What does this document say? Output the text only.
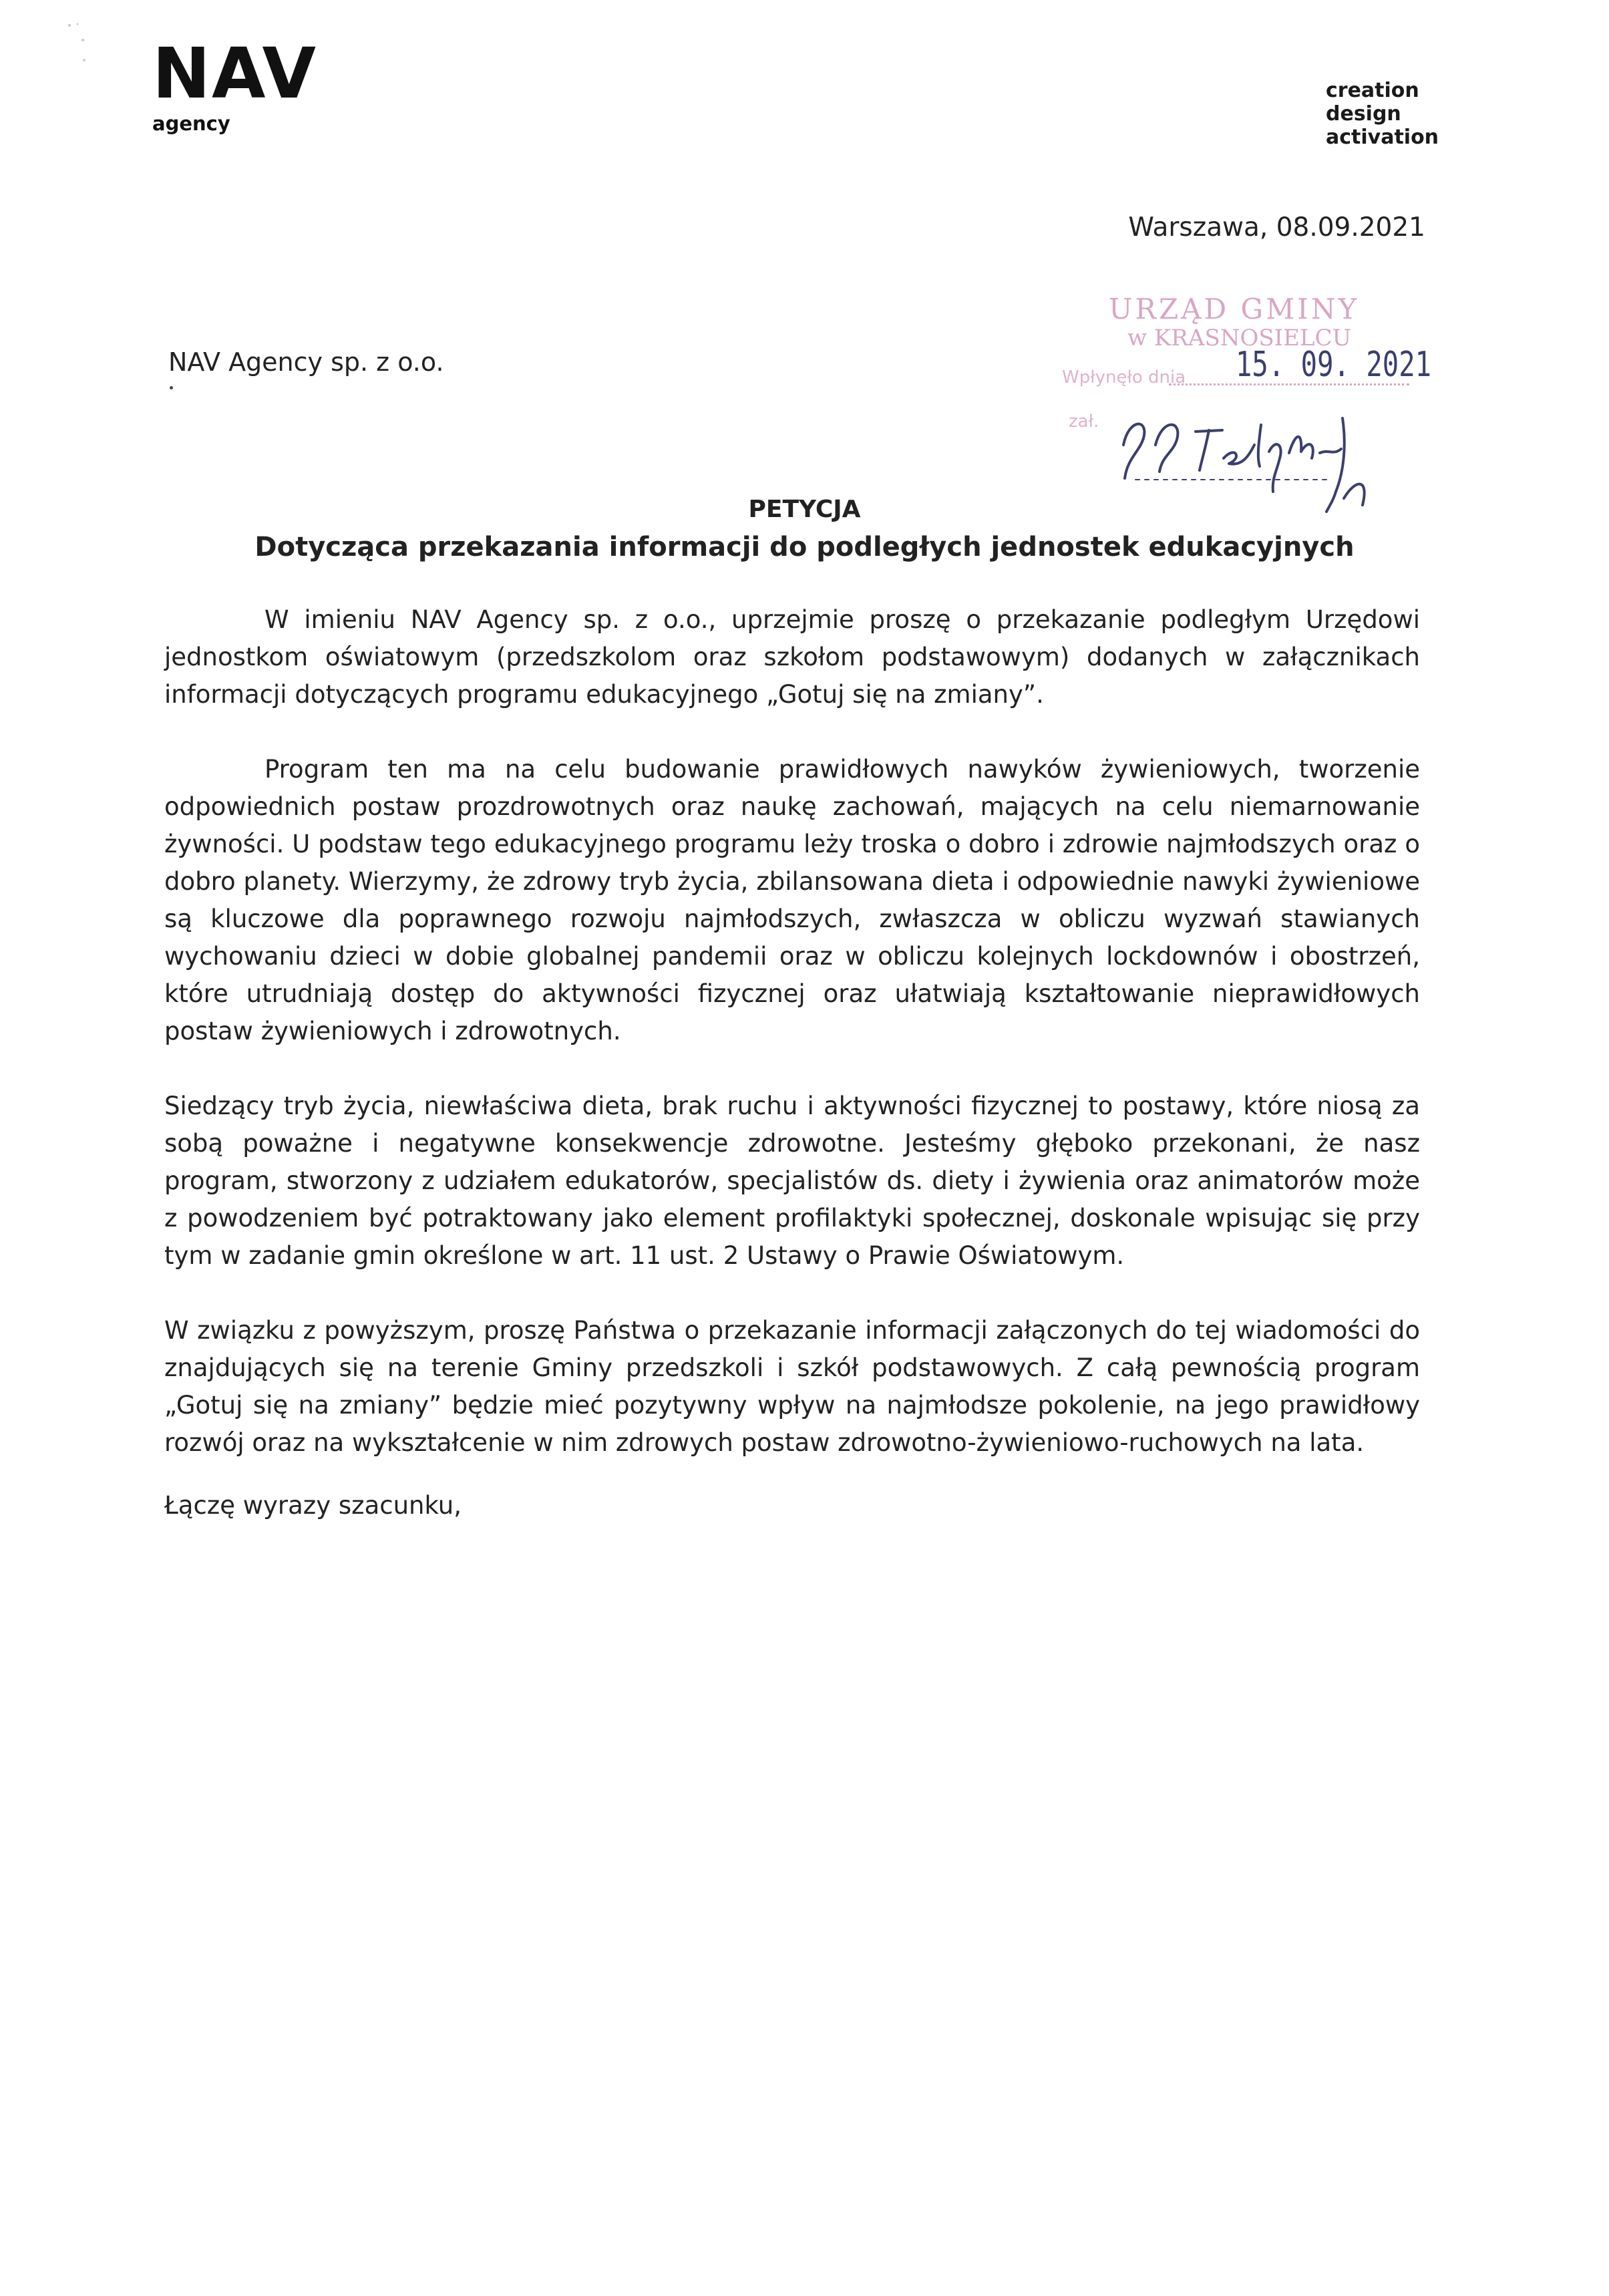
NAV
agency
creation
design
activation
Warszawa, 08.09.2021
NAV Agency sp. z o.o.
URZĄD GMINY
w KRASNOSIELCU
Wpłynęło dnia 15. 09. 2021
zał.
PETYCJA
Dotycząca przekazania informacji do podległych jednostek edukacyjnych

W imieniu NAV Agency sp. z o.o., uprzejmie proszę o przekazanie podległym Urzędowi jednostkom oświatowym (przedszkolom oraz szkołom podstawowym) dodanych w załącznikach informacji dotyczących programu edukacyjnego „Gotuj się na zmiany”.

Program ten ma na celu budowanie prawidłowych nawyków żywieniowych, tworzenie odpowiednich postaw prozdrowotnych oraz naukę zachowań, mających na celu niemarnowanie żywności. U podstaw tego edukacyjnego programu leży troska o dobro i zdrowie najmłodszych oraz o dobro planety. Wierzymy, że zdrowy tryb życia, zbilansowana dieta i odpowiednie nawyki żywieniowe są kluczowe dla poprawnego rozwoju najmłodszych, zwłaszcza w obliczu wyzwań stawianych wychowaniu dzieci w dobie globalnej pandemii oraz w obliczu kolejnych lockdownów i obostrzeń, które utrudniają dostęp do aktywności fizycznej oraz ułatwiają kształtowanie nieprawidłowych postaw żywieniowych i zdrowotnych.

Siedzący tryb życia, niewłaściwa dieta, brak ruchu i aktywności fizycznej to postawy, które niosą za sobą poważne i negatywne konsekwencje zdrowotne. Jesteśmy głęboko przekonani, że nasz program, stworzony z udziałem edukatorów, specjalistów ds. diety i żywienia oraz animatorów może z powodzeniem być potraktowany jako element profilaktyki społecznej, doskonale wpisując się przy tym w zadanie gmin określone w art. 11 ust. 2 Ustawy o Prawie Oświatowym.

W związku z powyższym, proszę Państwa o przekazanie informacji załączonych do tej wiadomości do znajdujących się na terenie Gminy przedszkoli i szkół podstawowych. Z całą pewnością program „Gotuj się na zmiany” będzie mieć pozytywny wpływ na najmłodsze pokolenie, na jego prawidłowy rozwój oraz na wykształcenie w nim zdrowych postaw zdrowotno-żywieniowo-ruchowych na lata.

Łączę wyrazy szacunku,
